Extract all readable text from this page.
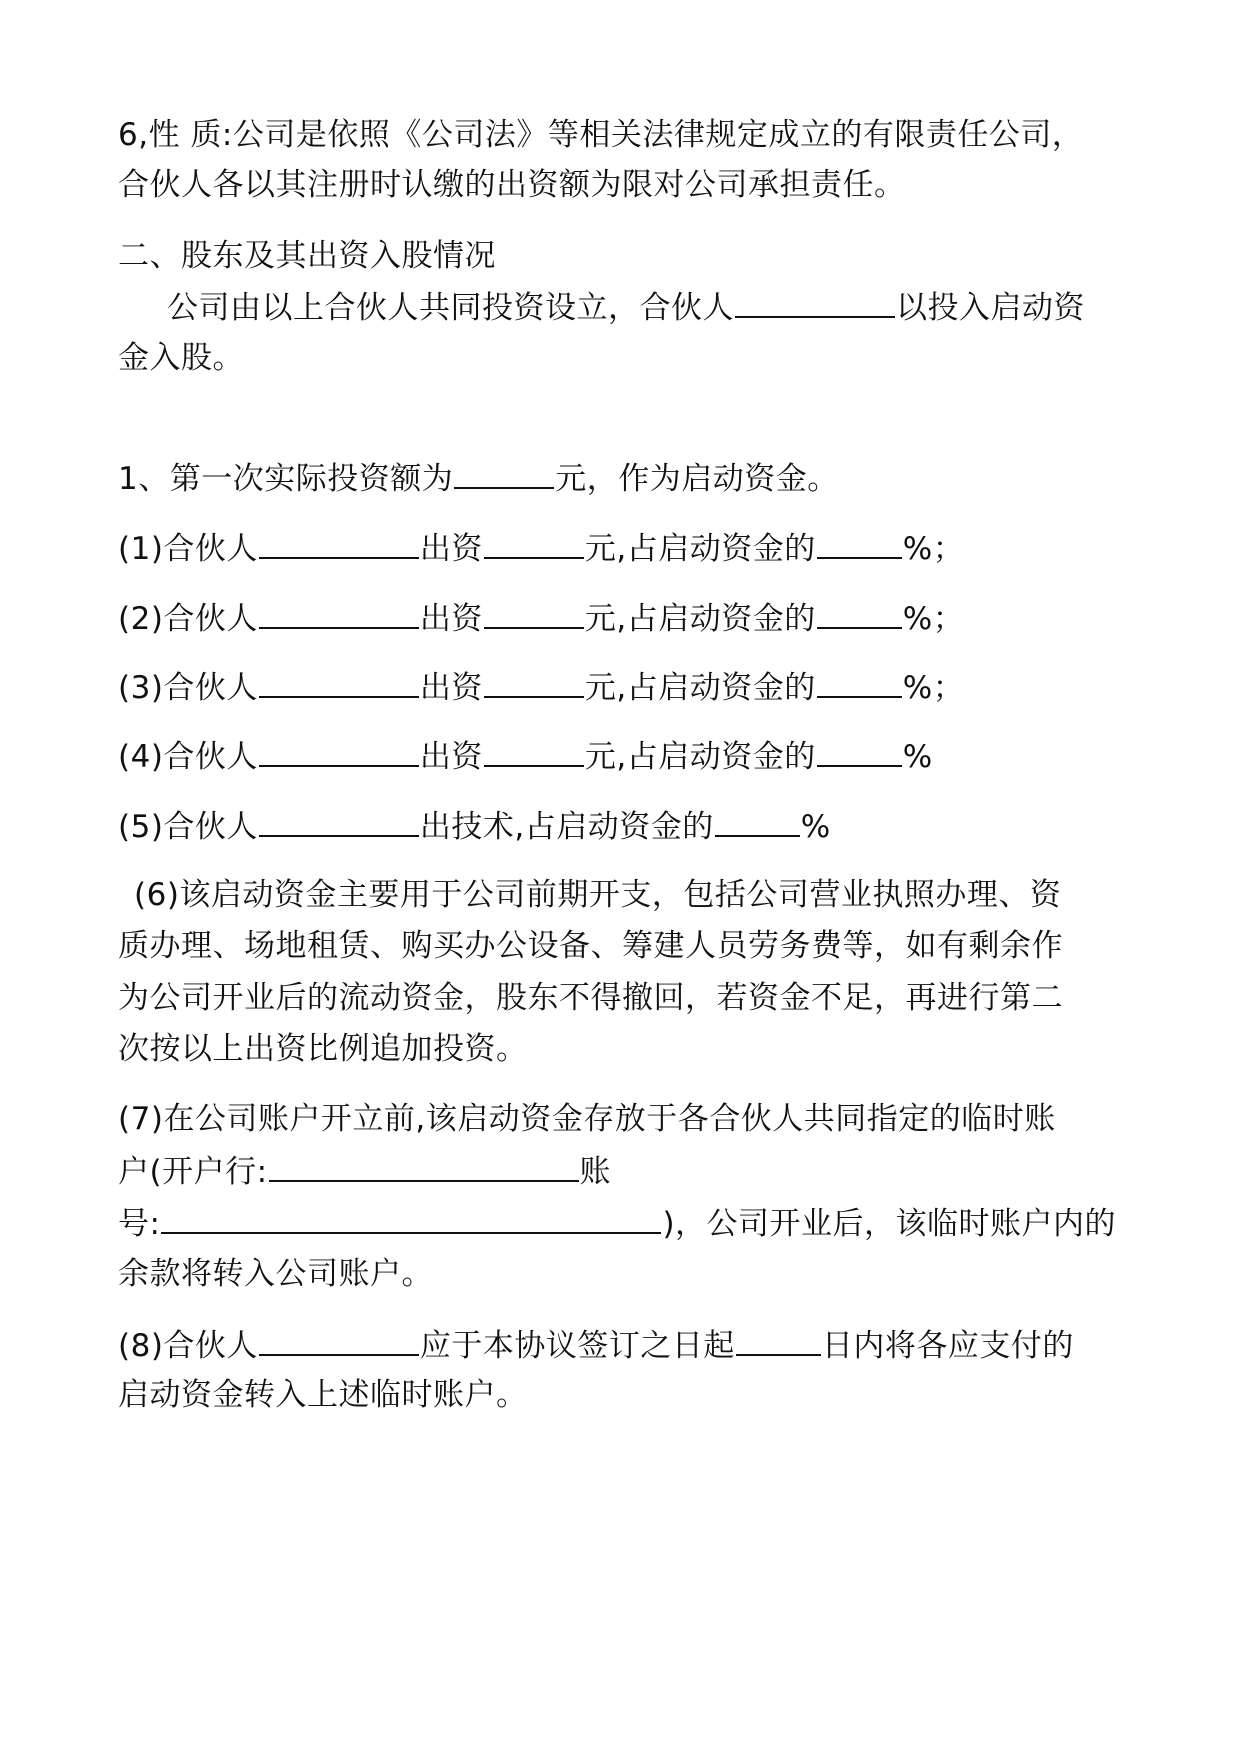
6,性 质:公司是依照《公司法》等相关法律规定成立的有限责任公司，
合伙人各以其注册时认缴的出资额为限对公司承担责任。
二、股东及其出资入股情况
公司由以上合伙人共同投资设立，合伙人	以投入启动资
金入股。
1、第一次实际投资额为	元，作为启动资金。
(1)合伙人	出资	元,占启动资金的	%；
(2)合伙人	出资	元,占启动资金的	%；
(3)合伙人	出资	元,占启动资金的	%；
(4)合伙人	出资	元,占启动资金的	%
(5)合伙人	出技术,占启动资金的	%
(6)该启动资金主要用于公司前期开支，包括公司营业执照办理、资
质办理、场地租赁、购买办公设备、筹建人员劳务费等，如有剩余作
为公司开业后的流动资金，股东不得撤回，若资金不足，再进行第二
次按以上出资比例追加投资。
(7)在公司账户开立前,该启动资金存放于各合伙人共同指定的临时账
户(开户行:	账
号:	)，公司开业后，该临时账户内的
余款将转入公司账户。
(8)合伙人	应于本协议签订之日起	日内将各应支付的
启动资金转入上述临时账户。
